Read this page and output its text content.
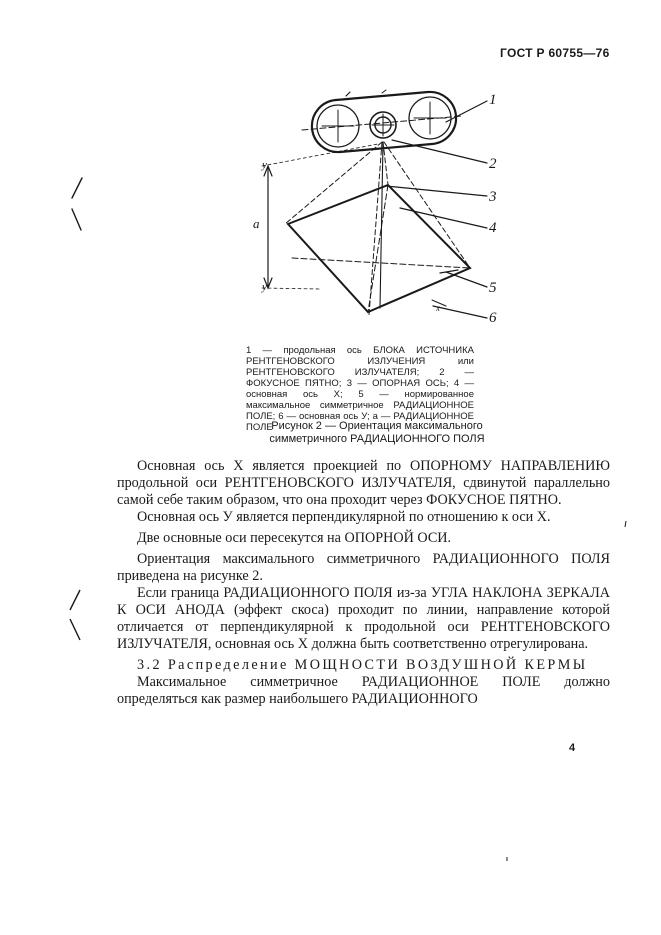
ГОСТ Р 60755—76
1
2
3
4
5
6
a
y
y
x
1 — продольная ось БЛОКА ИСТОЧНИКА РЕНТГЕНОВСКОГО ИЗЛУЧЕНИЯ или РЕНТГЕНОВСКОГО ИЗЛУЧАТЕЛЯ; 2 — ФОКУСНОЕ ПЯТНО; 3 — ОПОРНАЯ ОСЬ; 4 — основная ось X; 5 — нормированное максимальное симметричное РАДИАЦИОННОЕ ПОЛЕ; 6 — основная ось У; a — РАДИАЦИОННОЕ ПОЛЕ
Рисунок 2 — Ориентация максимального симметричного РАДИАЦИОННОГО ПОЛЯ

Основная ось X является проекцией по ОПОРНОМУ НАПРАВЛЕНИЮ продольной оси РЕНТГЕНОВСКОГО ИЗЛУЧАТЕЛЯ, сдвинутой параллельно самой себе таким образом, что она проходит через ФОКУСНОЕ ПЯТНО.

Основная ось У является перпендикулярной по отношению к оси X.

Две основные оси пересекутся на ОПОРНОЙ ОСИ.

Ориентация максимального симметричного РАДИАЦИОННОГО ПОЛЯ приведена на рисунке 2.

Если граница РАДИАЦИОННОГО ПОЛЯ из-за УГЛА НАКЛОНА ЗЕРКАЛА К ОСИ АНОДА (эффект скоса) проходит по линии, направление которой отличается от перпендикулярной к продольной оси РЕНТГЕНОВСКОГО ИЗЛУЧАТЕЛЯ, основная ось X должна быть соответственно отрегулирована.

3.2 Распределение МОЩНОСТИ ВОЗДУШНОЙ КЕРМЫ

Максимальное симметричное РАДИАЦИОННОЕ ПОЛЕ должно определяться как размер наибольшего РАДИАЦИОННОГО

4
